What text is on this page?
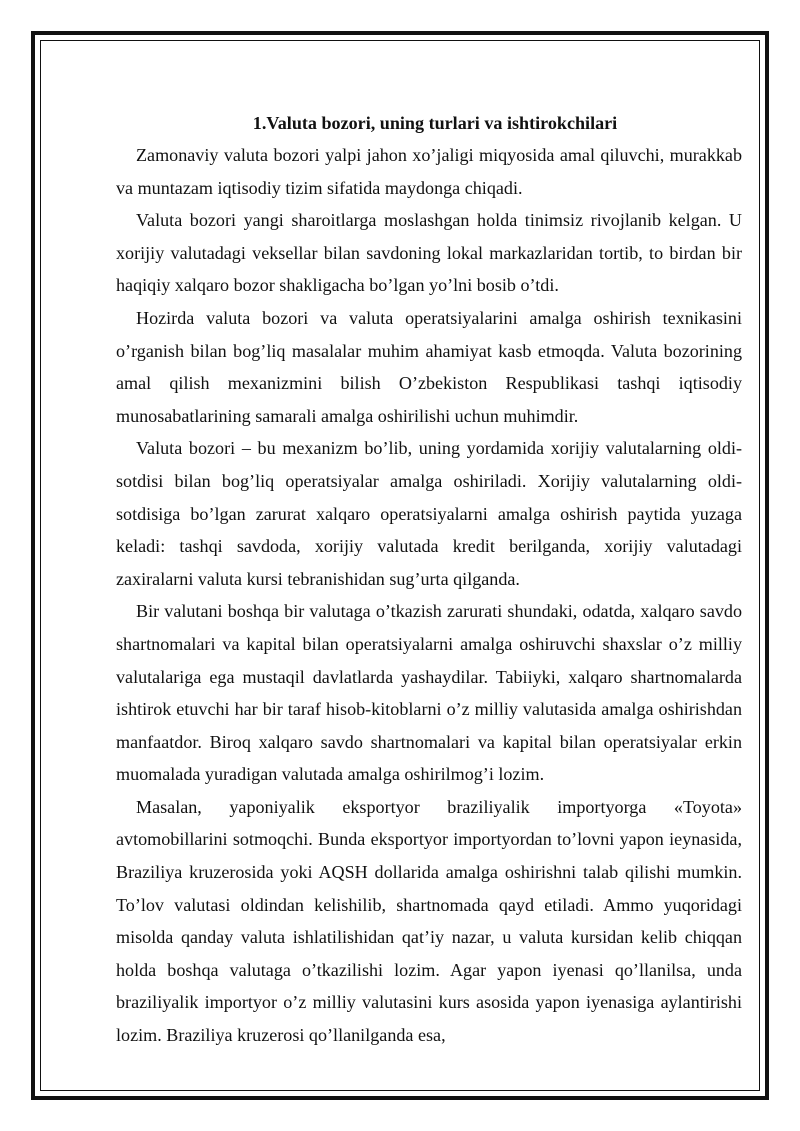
1.Valuta bozori, uning turlari va ishtirokchilari

Zamonaviy valuta bozori yalpi jahon xo’jaligi miqyosida amal qiluvchi, murakkab va muntazam iqtisodiy tizim sifatida maydonga chiqadi.

Valuta bozori yangi sharoitlarga moslashgan holda tinimsiz rivojlanib kelgan. U xorijiy valutadagi veksellar bilan savdoning lokal markazlaridan tortib, to birdan bir haqiqiy xalqaro bozor shakligacha bo’lgan yo’lni bosib o’tdi.

Hozirda valuta bozori va valuta operatsiyalarini amalga oshirish texnikasini o’rganish bilan bog’liq masalalar muhim ahamiyat kasb etmoqda. Valuta bozorining amal qilish mexanizmini bilish O’zbekiston Respublikasi tashqi iqtisodiy munosabatlarining samarali amalga oshirilishi uchun muhimdir.

Valuta bozori – bu mexanizm bo’lib, uning yordamida xorijiy valutalarning oldi-sotdisi bilan bog’liq operatsiyalar amalga oshiriladi. Xorijiy valutalarning oldi-sotdisiga bo’lgan zarurat xalqaro operatsiyalarni amalga oshirish paytida yuzaga keladi: tashqi savdoda, xorijiy valutada kredit berilganda, xorijiy valutadagi zaxiralarni valuta kursi tebranishidan sug’urta qilganda.

Bir valutani boshqa bir valutaga o’tkazish zarurati shundaki, odatda, xalqaro savdo shartnomalari va kapital bilan operatsiyalarni amalga oshiruvchi shaxslar o’z milliy valutalariga ega mustaqil davlatlarda yashaydilar. Tabiiyki, xalqaro shartnomalarda ishtirok etuvchi har bir taraf hisob-kitoblarni o’z milliy valutasida amalga oshirishdan manfaatdor. Biroq xalqaro savdo shartnomalari va kapital bilan operatsiyalar erkin muomalada yuradigan valutada amalga oshirilmog’i lozim.

Masalan, yaponiyalik eksportyor braziliyalik importyorga «Toyota» avtomobillarini sotmoqchi. Bunda eksportyor importyordan to’lovni yapon ieynasida, Braziliya kruzerosida yoki AQSH dollarida amalga oshirishni talab qilishi mumkin. To’lov valutasi oldindan kelishilib, shartnomada qayd etiladi. Ammo yuqoridagi misolda qanday valuta ishlatilishidan qat’iy nazar, u valuta kursidan kelib chiqqan holda boshqa valutaga o’tkazilishi lozim. Agar yapon iyenasi qo’llanilsa, unda braziliyalik importyor o’z milliy valutasini kurs asosida yapon iyenasiga aylantirishi lozim. Braziliya kruzerosi qo’llanilganda esa,
